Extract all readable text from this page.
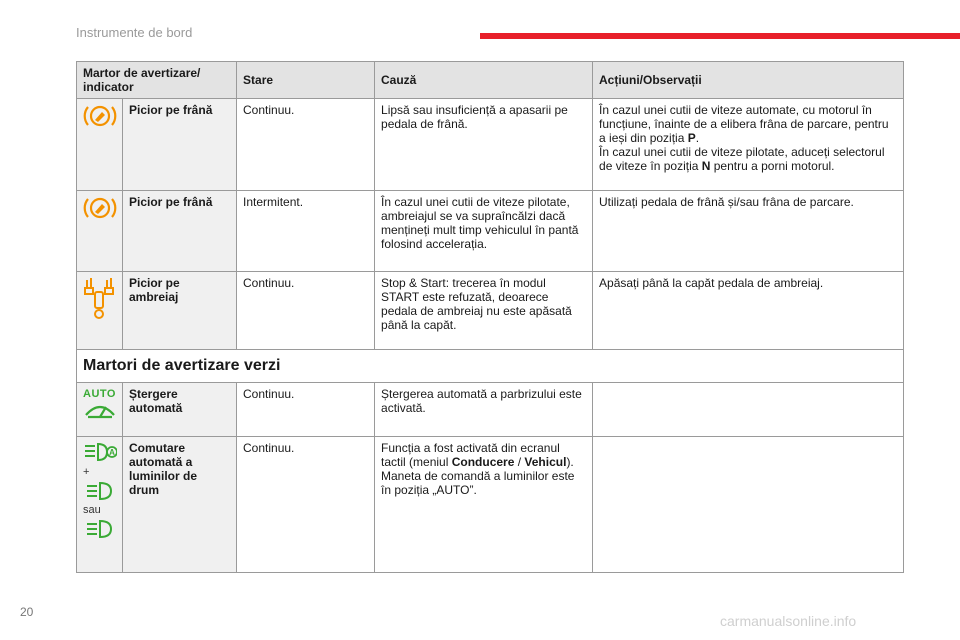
Instrumente de bord
Martor de avertizare/ indicator		Stare	Cauză	Acțiuni/Observații

	Picior pe frână	Continuu.	Lipsă sau insuficiență a apasarii pe pedala de frână.	În cazul unei cutii de viteze automate, cu motorul în funcțiune, înainte de a elibera frâna de parcare, pentru a ieși din poziția P.
În cazul unei cutii de viteze pilotate, aduceți selectorul de viteze în poziția N pentru a porni motorul.

	Picior pe frână	Intermitent.	În cazul unei cutii de viteze pilotate, ambreiajul se va supraîncălzi dacă mențineți mult timp vehiculul în pantă folosind accelerația.	Utilizați pedala de frână și/sau frâna de parcare.

	Picior pe ambreiaj	Continuu.	Stop & Start: trecerea în modul START este refuzată, deoarece pedala de ambreiaj nu este apăsată până la capăt.	Apăsați până la capăt pedala de ambreiaj.
Martori de avertizare verzi				

AUTO	Ștergere automată	Continuu.	Ștergerea automată a parbrizului este activată.	

A
+
sau	Comutare automată a luminilor de drum	Continuu.	Funcția a fost activată din ecranul tactil (meniul Conducere / Vehicul).
Maneta de comandă a luminilor este în poziția „AUTO”.	
20
carmanualsonline.info
